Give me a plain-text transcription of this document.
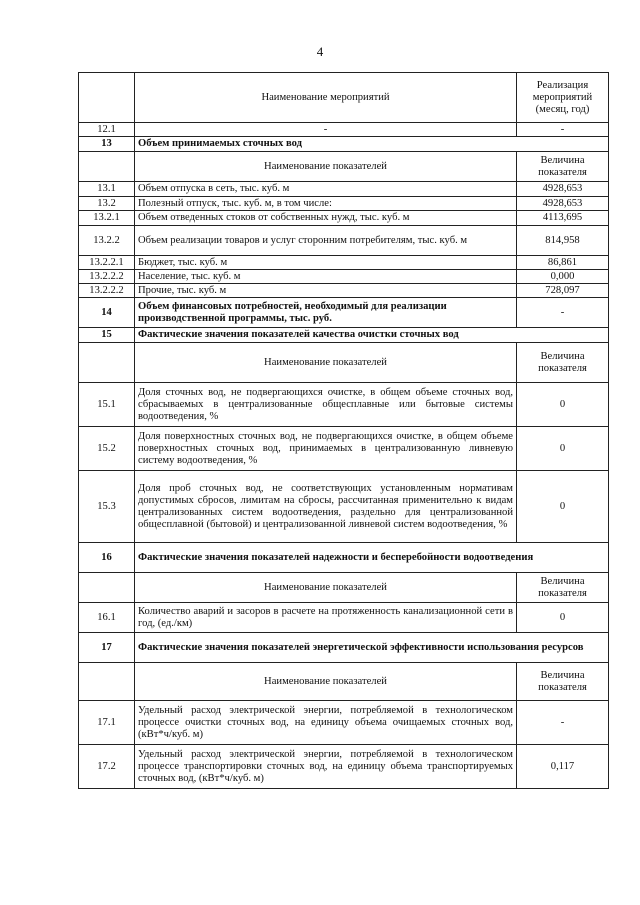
4
	Наименование мероприятий	Реализация мероприятий (месяц, год)
12.1	-	-
13	Объем принимаемых сточных вод	
	Наименование показателей	Величина показателя
13.1	Объем отпуска в сеть, тыс. куб. м	4928,653
13.2	Полезный отпуск, тыс. куб. м, в том числе:	4928,653
13.2.1	Объем отведенных стоков от собственных нужд, тыс. куб. м	4113,695
13.2.2	Объем реализации товаров и услуг сторонним потребителям, тыс. куб. м	814,958
13.2.2.1	Бюджет, тыс. куб. м	86,861
13.2.2.2	Население, тыс. куб. м	0,000
13.2.2.2	Прочие, тыс. куб. м	728,097
14	Объем финансовых потребностей, необходимый для реализации производственной программы, тыс. руб.	-
15	Фактические значения показателей качества очистки сточных вод	
	Наименование показателей	Величина показателя
15.1	Доля сточных вод, не подвергающихся очистке, в общем объеме сточных вод, сбрасываемых в централизованные общесплавные или бытовые системы водоотведения, %	0
15.2	Доля поверхностных сточных вод, не подвергающихся очистке, в общем объеме поверхностных сточных вод, принимаемых в централизованную ливневую систему водоотведения, %	0
15.3	Доля проб сточных вод, не соответствующих установленным нормативам допустимых сбросов, лимитам на сбросы, рассчитанная применительно к видам централизованных систем водоотведения, раздельно для централизованной общесплавной (бытовой) и централизованной ливневой систем водоотведения, %	0
16	Фактические значения показателей надежности и бесперебойности водоотведения	
	Наименование показателей	Величина показателя
16.1	Количество аварий и засоров в расчете на протяженность канализационной сети в год, (ед./км)	0
17	Фактические значения показателей энергетической эффективности использования ресурсов	
	Наименование показателей	Величина показателя
17.1	Удельный расход электрической энергии, потребляемой в технологическом процессе очистки сточных вод, на единицу объема очищаемых сточных вод, (кВт*ч/куб. м)	-
17.2	Удельный расход электрической энергии, потребляемой в технологическом процессе транспортировки сточных вод, на единицу объема транспортируемых сточных вод, (кВт*ч/куб. м)	0,117
